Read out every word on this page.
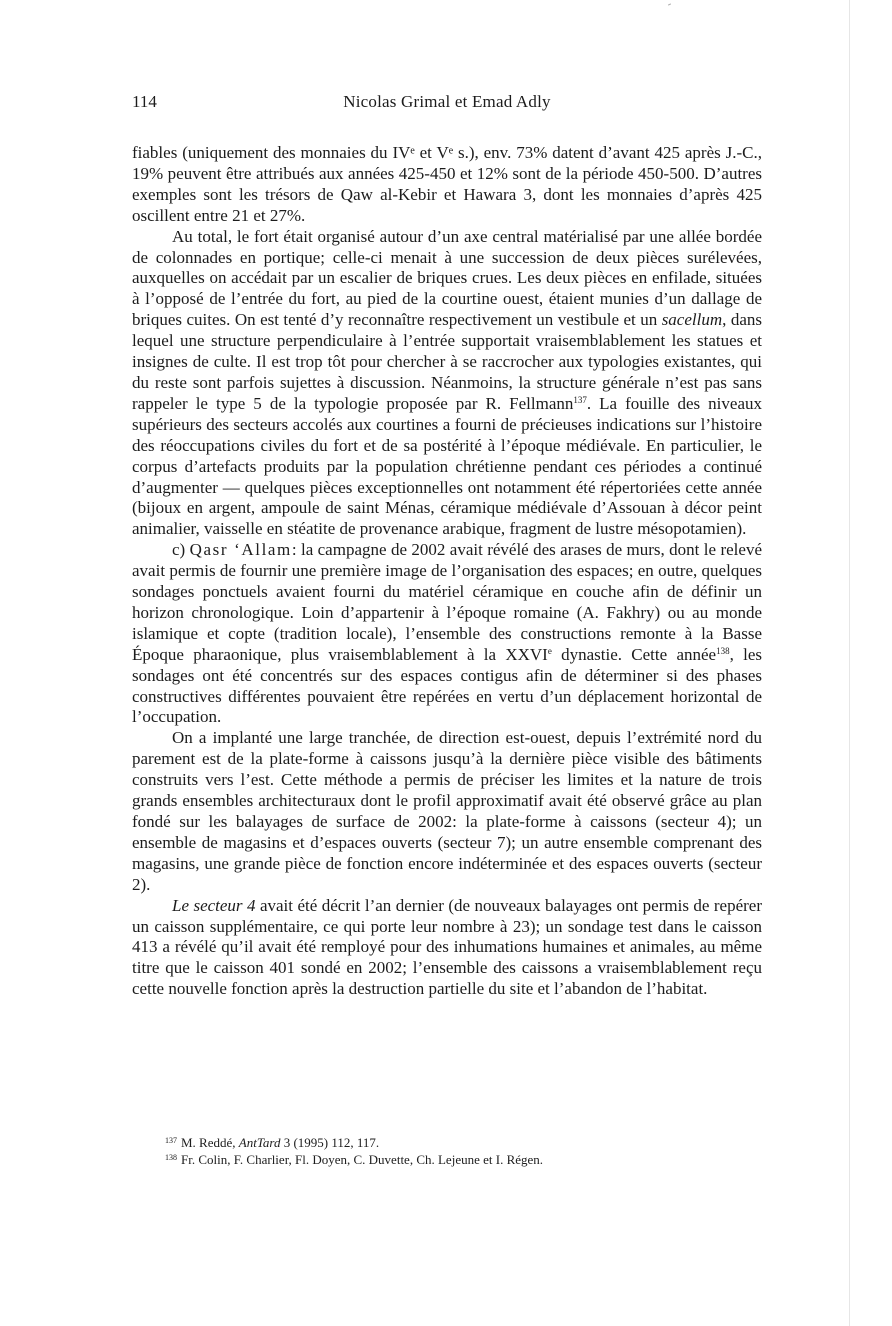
114	Nicolas Grimal et Emad Adly

fiables (uniquement des monnaies du IVᵉ et Vᵉ s.), env. 73% datent d’avant 425 après J.-C., 19% peuvent être attribués aux années 425-450 et 12% sont de la période 450-500. D’autres exemples sont les trésors de Qaw al-Kebir et Hawara 3, dont les monnaies d’après 425 oscillent entre 21 et 27%.

Au total, le fort était organisé autour d’un axe central matérialisé par une allée bordée de colonnades en portique; celle-ci menait à une succession de deux pièces surélevées, auxquelles on accédait par un escalier de briques crues. Les deux pièces en enfilade, situées à l’opposé de l’entrée du fort, au pied de la courtine ouest, étaient munies d’un dallage de briques cuites. On est tenté d’y reconnaître respectivement un vestibule et un sacellum, dans lequel une structure perpendiculaire à l’entrée supportait vraisemblablement les statues et insignes de culte. Il est trop tôt pour chercher à se raccrocher aux typologies existantes, qui du reste sont parfois sujettes à discussion. Néanmoins, la structure générale n’est pas sans rappeler le type 5 de la typologie proposée par R. Fellmann$^{137}$. La fouille des niveaux supérieurs des secteurs accolés aux courtines a fourni de précieuses indications sur l’histoire des réoccupations civiles du fort et de sa postérité à l’époque médiévale. En particulier, le corpus d’artefacts produits par la population chrétienne pendant ces périodes a continué d’augmenter — quelques pièces exceptionnelles ont notamment été répertoriées cette année (bijoux en argent, ampoule de saint Ménas, céramique médiévale d’Assouan à décor peint animalier, vaisselle en stéatite de provenance arabique, fragment de lustre mésopotamien).

c) Qasr ‘Allam: la campagne de 2002 avait révélé des arases de murs, dont le relevé avait permis de fournir une première image de l’organisation des espaces; en outre, quelques sondages ponctuels avaient fourni du matériel céramique en couche afin de définir un horizon chronologique. Loin d’appartenir à l’époque romaine (A. Fakhry) ou au monde islamique et copte (tradition locale), l’ensemble des constructions remonte à la Basse Époque pharaonique, plus vraisemblablement à la XXVIe dynastie. Cette année$^{138}$, les sondages ont été concentrés sur des espaces contigus afin de déterminer si des phases constructives différentes pouvaient être repérées en vertu d’un déplacement horizontal de l’occupation.

On a implanté une large tranchée, de direction est-ouest, depuis l’extrémité nord du parement est de la plate-forme à caissons jusqu’à la dernière pièce visible des bâtiments construits vers l’est. Cette méthode a permis de préciser les limites et la nature de trois grands ensembles architecturaux dont le profil approximatif avait été observé grâce au plan fondé sur les balayages de surface de 2002: la plate-forme à caissons (secteur 4); un ensemble de magasins et d’espaces ouverts (secteur 7); un autre ensemble comprenant des magasins, une grande pièce de fonction encore indéterminée et des espaces ouverts (secteur 2).

Le secteur 4 avait été décrit l’an dernier (de nouveaux balayages ont permis de repérer un caisson supplémentaire, ce qui porte leur nombre à 23); un sondage test dans le caisson 413 a révélé qu’il avait été remployé pour des inhumations humaines et animales, au même titre que le caisson 401 sondé en 2002; l’ensemble des caissons a vraisemblablement reçu cette nouvelle fonction après la destruction partielle du site et l’abandon de l’habitat.

$^{137}$ M. Reddé, AntTard 3 (1995) 112, 117.
$^{138}$ Fr. Colin, F. Charlier, Fl. Doyen, C. Duvette, Ch. Lejeune et I. Régen.
